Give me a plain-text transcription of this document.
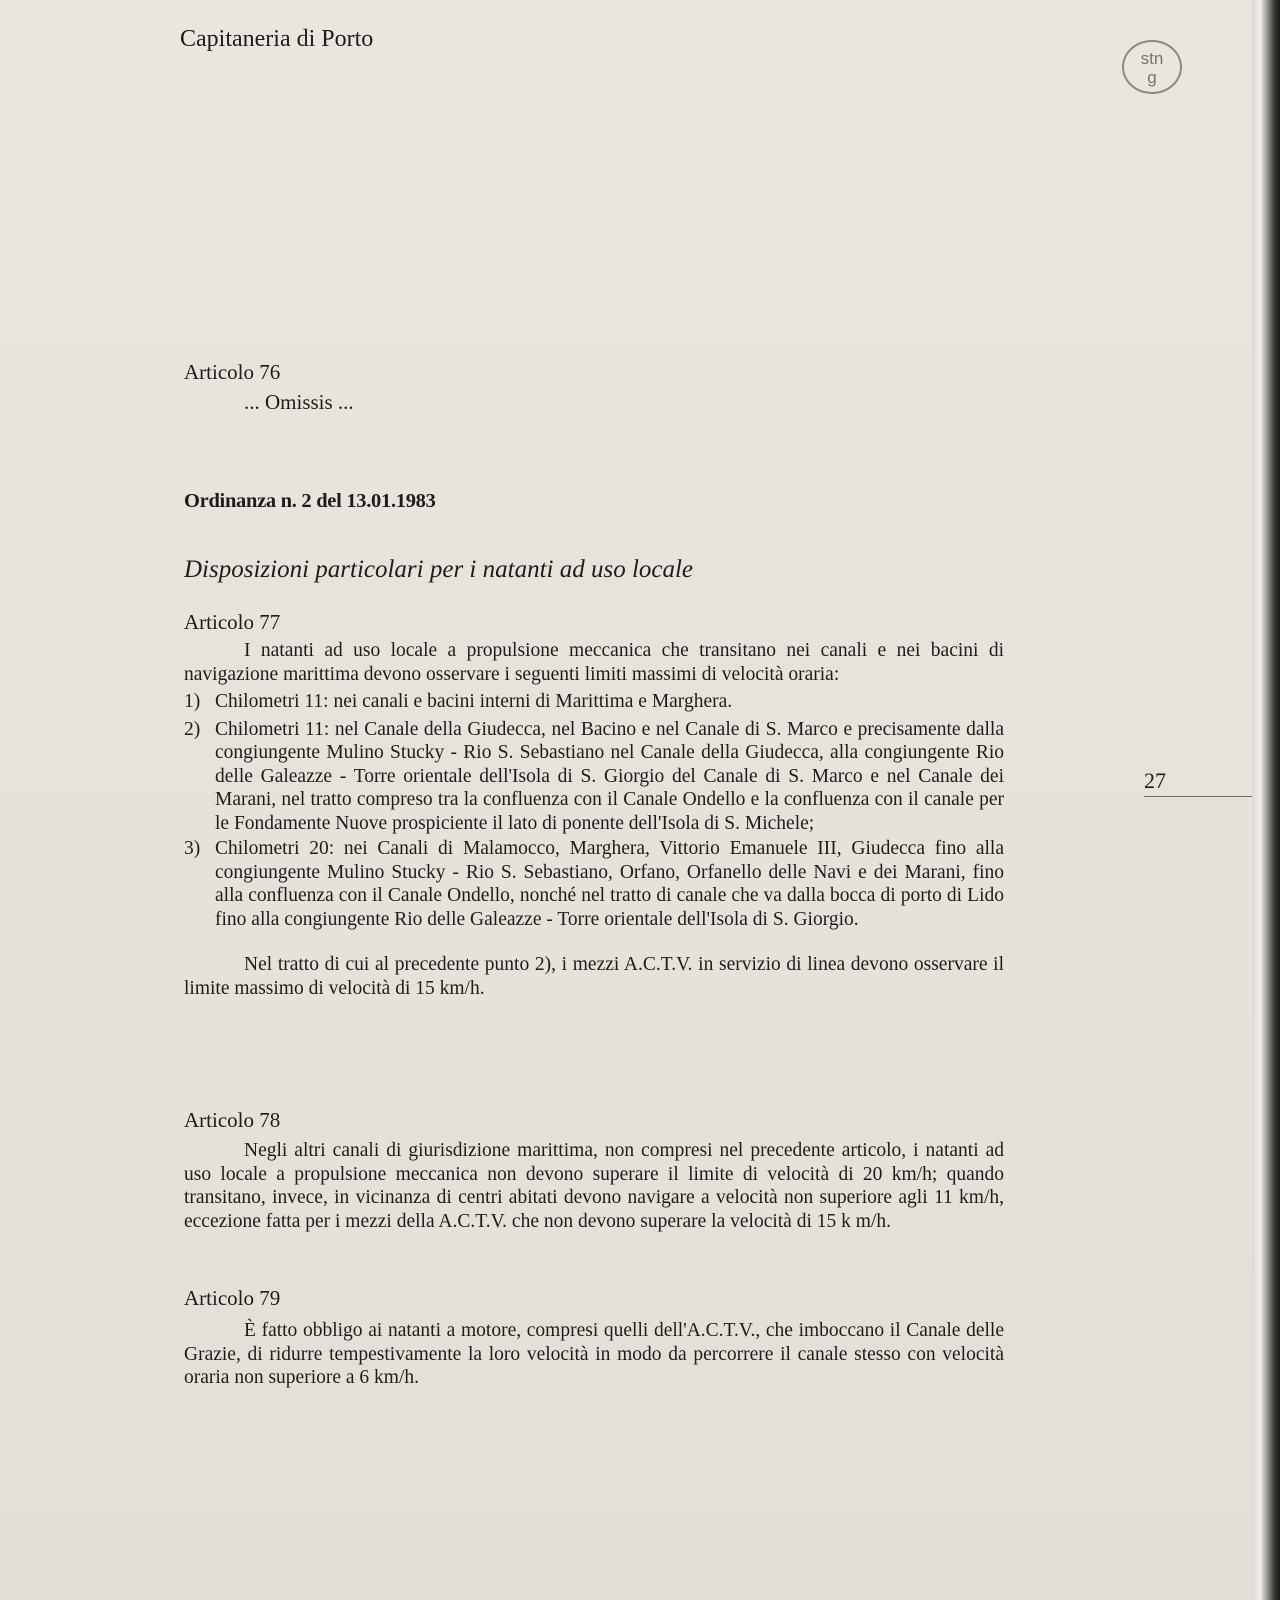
Capitaneria di Porto
stn
g
27
Articolo 76
... Omissis ...
Ordinanza n. 2 del 13.01.1983
Disposizioni particolari per i natanti ad uso locale
Articolo 77

I natanti ad uso locale a propulsione meccanica che transitano nei canali e nei bacini di navigazione marittima devono osservare i seguenti limiti massimi di velocità oraria:

1) Chilometri 11: nei canali e bacini interni di Marittima e Marghera.
2) Chilometri 11: nel Canale della Giudecca, nel Bacino e nel Canale di S. Marco e precisamente dalla congiungente Mulino Stucky - Rio S. Sebastiano nel Canale della Giudecca, alla congiungente Rio delle Galeazze - Torre orientale dell'Isola di S. Giorgio del Canale di S. Marco e nel Canale dei Marani, nel tratto compreso tra la confluenza con il Canale Ondello e la confluenza con il canale per le Fondamente Nuove prospiciente il lato di ponente dell'Isola di S. Michele;
3) Chilometri 20: nei Canali di Malamocco, Marghera, Vittorio Emanuele III, Giudecca fino alla congiungente Mulino Stucky - Rio S. Sebastiano, Orfano, Orfanello delle Navi e dei Marani, fino alla confluenza con il Canale Ondello, nonché nel tratto di canale che va dalla bocca di porto di Lido fino alla congiungente Rio delle Galeazze - Torre orientale dell'Isola di S. Giorgio.

Nel tratto di cui al precedente punto 2), i mezzi A.C.T.V. in servizio di linea devono osservare il limite massimo di velocità di 15 km/h.

Articolo 78

Negli altri canali di giurisdizione marittima, non compresi nel precedente articolo, i natanti ad uso locale a propulsione meccanica non devono superare il limite di velocità di 20 km/h; quando transitano, invece, in vicinanza di centri abitati devono navigare a velocità non superiore agli 11 km/h, eccezione fatta per i mezzi della A.C.T.V. che non devono superare la velocità di 15 k m/h.

Articolo 79

È fatto obbligo ai natanti a motore, compresi quelli dell'A.C.T.V., che imboccano il Canale delle Grazie, di ridurre tempestivamente la loro velocità in modo da percorrere il canale stesso con velocità oraria non superiore a 6 km/h.
